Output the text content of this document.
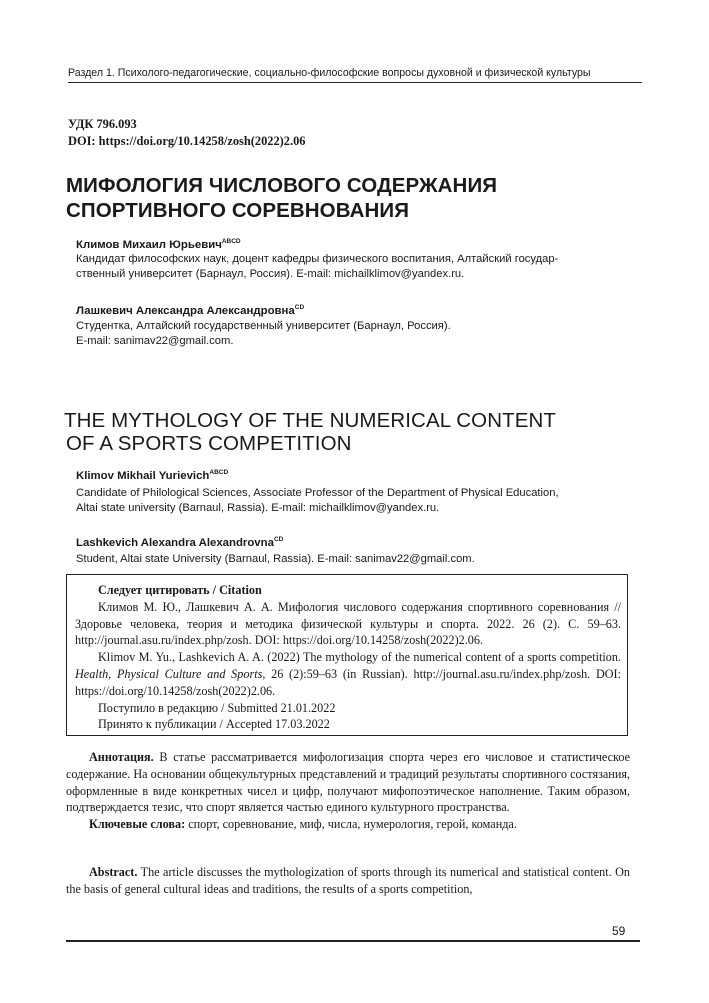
Раздел 1. Психолого-педагогические, социально-философские вопросы духовной и физической культуры
УДК 796.093
DOI: https://doi.org/10.14258/zosh(2022)2.06
МИФОЛОГИЯ ЧИСЛОВОГО СОДЕРЖАНИЯ
СПОРТИВНОГО СОРЕВНОВАНИЯ
Климов Михаил Юрьевич$^{ABCD}$
Кандидат философских наук, доцент кафедры физического воспитания, Алтайский государ-
ственный университет (Барнаул, Россия). E-mail: michailklimov@yandex.ru.
Лашкевич Александра Александровна$^{CD}$
Студентка, Алтайский государственный университет (Барнаул, Россия).
E-mail: sanimav22@gmail.com.
THE MYTHOLOGY OF THE NUMERICAL CONTENT
OF A SPORTS COMPETITION
Klimov Mikhail Yurievich$^{ABCD}$
Candidate of Philological Sciences, Associate Professor of the Department of Physical Education,
Altai state university (Barnaul, Rassia). E-mail: michailklimov@yandex.ru.
Lashkevich Alexandra Alexandrovna$^{CD}$
Student, Altai state University (Barnaul, Rassia). E-mail: sanimav22@gmail.com.

Следует цитировать / Citation

Климов М. Ю., Лашкевич А. А. Мифология числового содержания спортивного соревнования // Здоровье человека, теория и методика физической культуры и спорта. 2022. 26 (2). С. 59–63. http://journal.asu.ru/index.php/zosh. DOI: https://doi.org/10.14258/zosh(2022)2.06.

Klimov M. Yu., Lashkevich A. A. (2022) The mythology of the numerical content of a sports competition. Health, Physical Culture and Sports, 26 (2):59–63 (in Russian). http://journal.asu.ru/index.php/zosh. DOI: https://doi.org/10.14258/zosh(2022)2.06.

Поступило в редакцию / Submitted 21.01.2022

Принято к публикации / Accepted 17.03.2022

Аннотация. В статье рассматривается мифологизация спорта через его числовое и статистическое содержание. На основании общекультурных представлений и традиций результаты спортивного состязания, оформленные в виде конкретных чисел и цифр, получают мифопоэтическое наполнение. Таким образом, подтверждается тезис, что спорт является частью единого культурного пространства.

Ключевые слова: спорт, соревнование, миф, числа, нумерология, герой, команда.

Abstract. The article discusses the mythologization of sports through its numerical and statistical content. On the basis of general cultural ideas and traditions, the results of a sports competition,

59
